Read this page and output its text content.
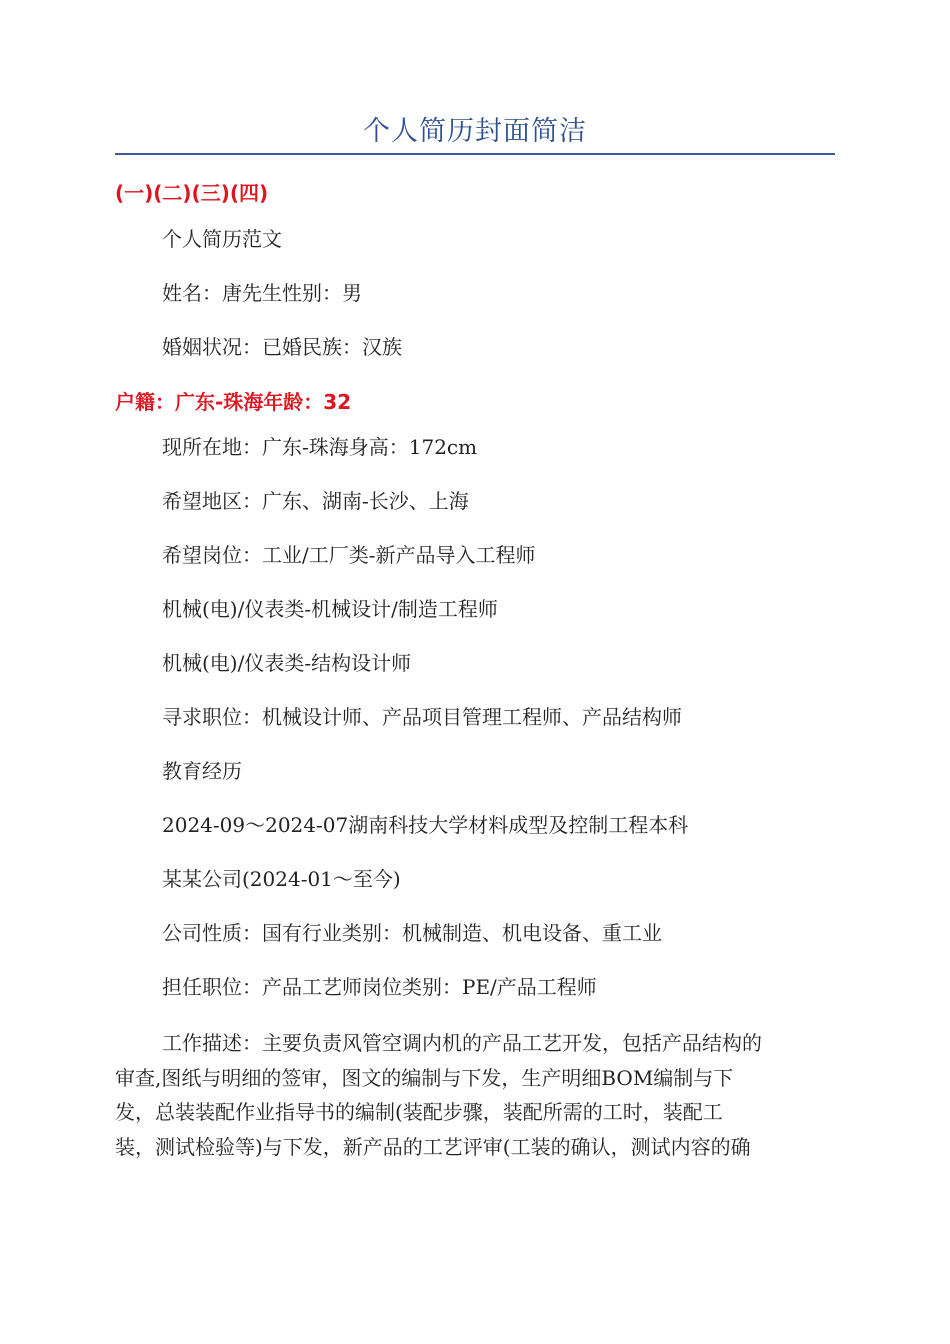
个人简历封面简洁
(一)(二)(三)(四)
个人简历范文
姓名：唐先生性别：男
婚姻状况：已婚民族：汉族
户籍：广东-珠海年龄：32
现所在地：广东-珠海身高：172cm
希望地区：广东、湖南-长沙、上海
希望岗位：工业/工厂类-新产品导入工程师
机械(电)/仪表类-机械设计/制造工程师
机械(电)/仪表类-结构设计师
寻求职位：机械设计师、产品项目管理工程师、产品结构师
教育经历
2024-09～2024-07湖南科技大学材料成型及控制工程本科
某某公司(2024-01～至今)
公司性质：国有行业类别：机械制造、机电设备、重工业
担任职位：产品工艺师岗位类别：PE/产品工程师
工作描述：主要负责风管空调内机的产品工艺开发，包括产品结构的
审查,图纸与明细的签审，图文的编制与下发，生产明细BOM编制与下
发，总装装配作业指导书的编制(装配步骤，装配所需的工时，装配工
装，测试检验等)与下发，新产品的工艺评审(工装的确认，测试内容的确
